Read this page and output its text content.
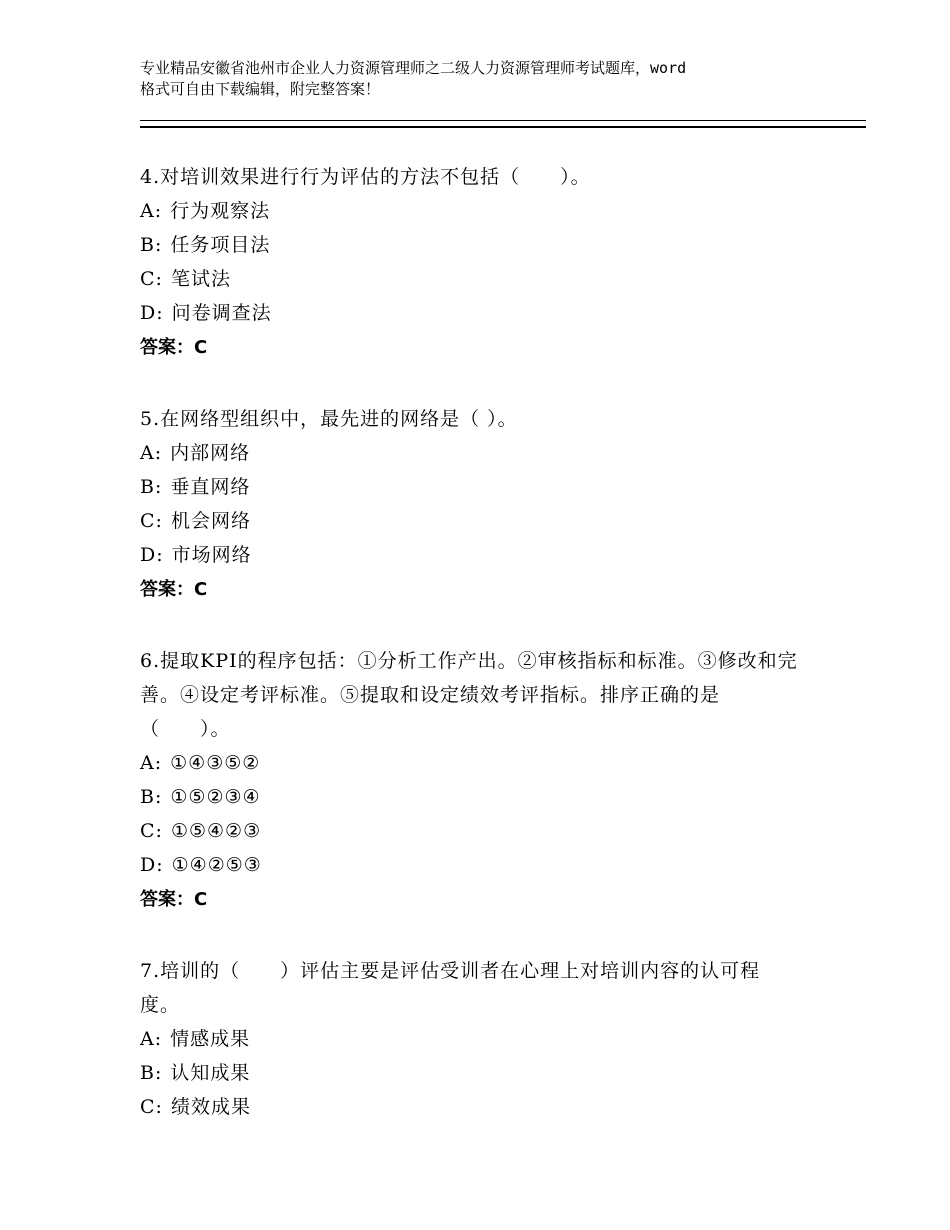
专业精品安徽省池州市企业人力资源管理师之二级人力资源管理师考试题库，word
格式可自由下载编辑，附完整答案！
4.对培训效果进行行为评估的方法不包括（　　）。
A: 行为观察法
B: 任务项目法
C: 笔试法
D: 问卷调查法
答案：C
5.在网络型组织中，最先进的网络是（ ）。
A: 内部网络
B: 垂直网络
C: 机会网络
D: 市场网络
答案：C
6.提取KPI的程序包括：①分析工作产出。②审核指标和标准。③修改和完善。④设定考评标准。⑤提取和设定绩效考评指标。排序正确的是（　　）。
A: ①④③⑤②
B: ①⑤②③④
C: ①⑤④②③
D: ①④②⑤③
答案：C
7.培训的（　　）评估主要是评估受训者在心理上对培训内容的认可程度。
A: 情感成果
B: 认知成果
C: 绩效成果
